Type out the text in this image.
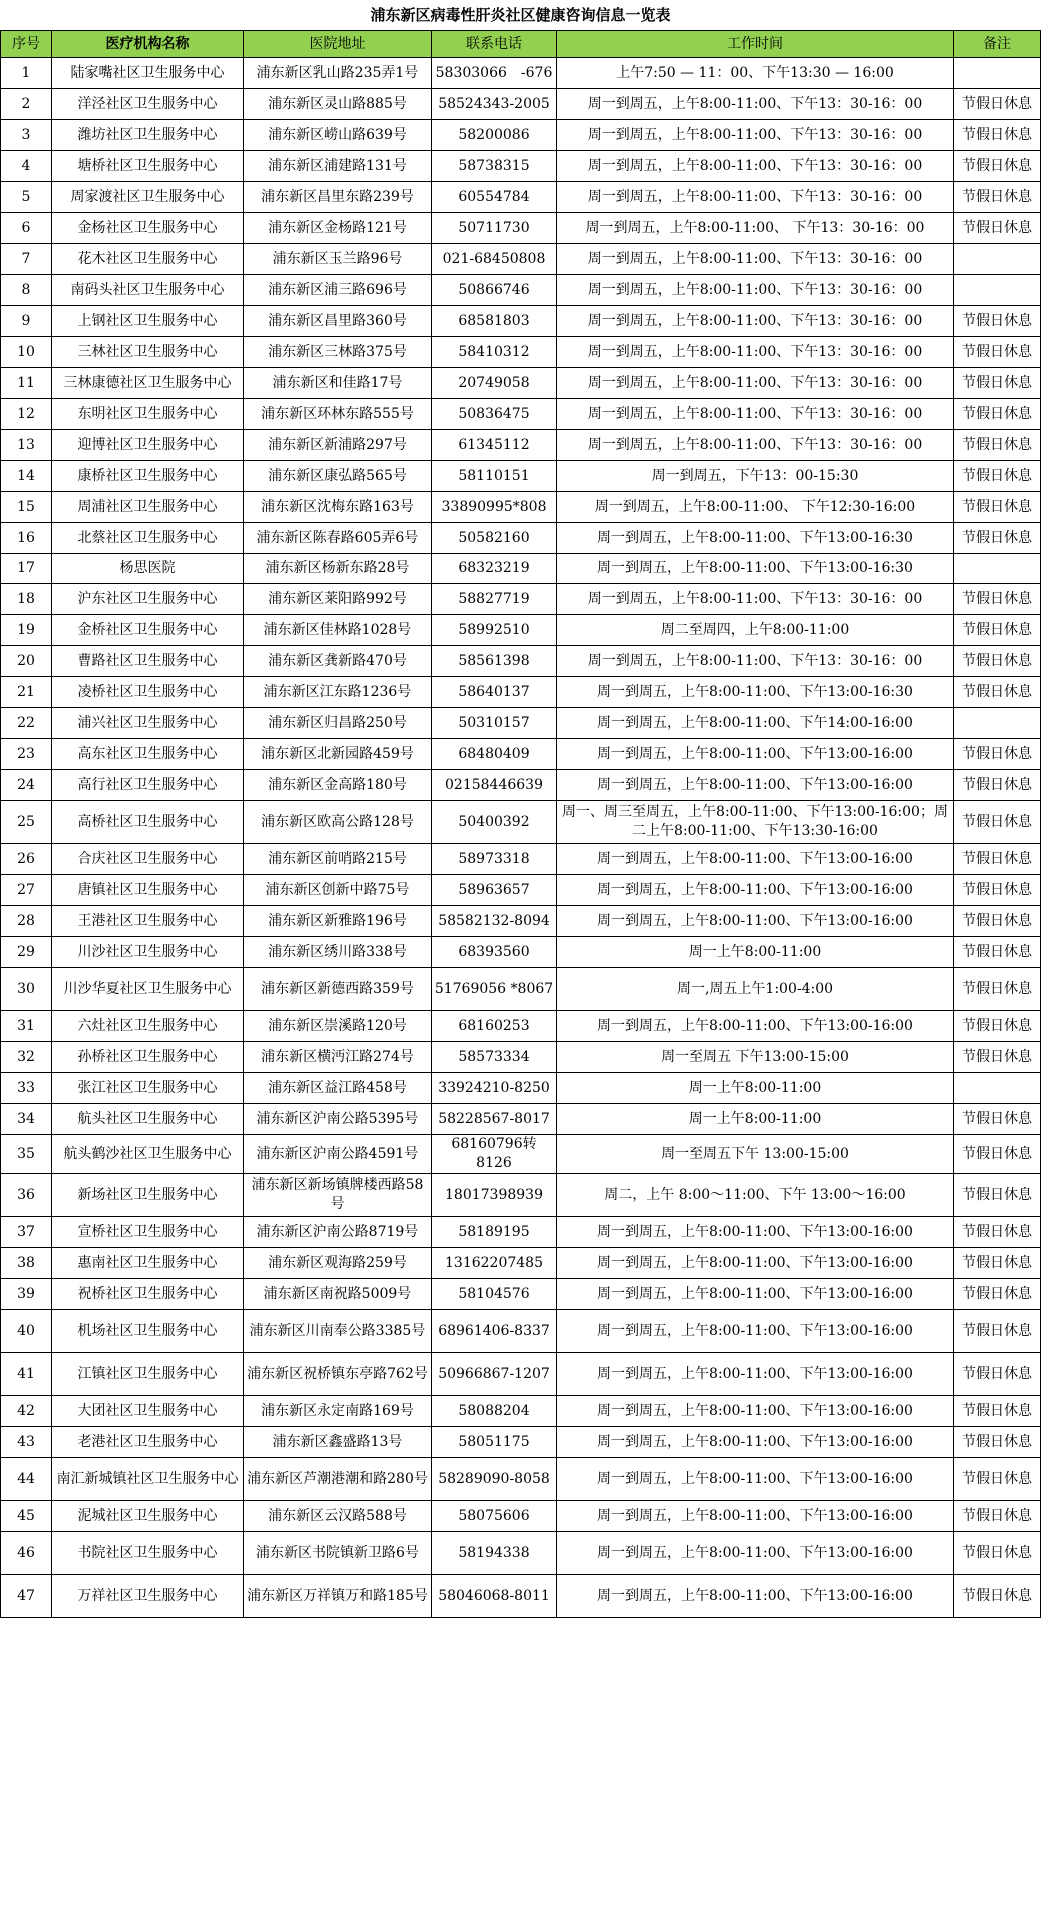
浦东新区病毒性肝炎社区健康咨询信息一览表
序号	医疗机构名称	医院地址	联系电话	工作时间	备注
1	陆家嘴社区卫生服务中心	浦东新区乳山路235弄1号	58303066　-676	上午7:50 — 11：00、下午13:30 — 16:00	
2	洋泾社区卫生服务中心	浦东新区灵山路885号	58524343-2005	周一到周五，上午8:00-11:00、下午13：30-16：00	节假日休息
3	潍坊社区卫生服务中心	浦东新区崂山路639号	58200086	周一到周五，上午8:00-11:00、下午13：30-16：00	节假日休息
4	塘桥社区卫生服务中心	浦东新区浦建路131号	58738315	周一到周五，上午8:00-11:00、下午13：30-16：00	节假日休息
5	周家渡社区卫生服务中心	浦东新区昌里东路239号	60554784	周一到周五，上午8:00-11:00、下午13：30-16：00	节假日休息
6	金杨社区卫生服务中心	浦东新区金杨路121号	50711730	周一到周五，上午8:00-11:00、 下午13：30-16：00	节假日休息
7	花木社区卫生服务中心	浦东新区玉兰路96号	021-68450808	周一到周五，上午8:00-11:00、下午13：30-16：00	
8	南码头社区卫生服务中心	浦东新区浦三路696号	50866746	周一到周五，上午8:00-11:00、下午13：30-16：00	
9	上钢社区卫生服务中心	浦东新区昌里路360号	68581803	周一到周五，上午8:00-11:00、下午13：30-16：00	节假日休息
10	三林社区卫生服务中心	浦东新区三林路375号	58410312	周一到周五，上午8:00-11:00、下午13：30-16：00	节假日休息
11	三林康德社区卫生服务中心	浦东新区和佳路17号	20749058	周一到周五，上午8:00-11:00、下午13：30-16：00	节假日休息
12	东明社区卫生服务中心	浦东新区环林东路555号	50836475	周一到周五，上午8:00-11:00、下午13：30-16：00	节假日休息
13	迎博社区卫生服务中心	浦东新区新浦路297号	61345112	周一到周五，上午8:00-11:00、下午13：30-16：00	节假日休息
14	康桥社区卫生服务中心	浦东新区康弘路565号	58110151	周一到周五，下午13：00-15:30	节假日休息
15	周浦社区卫生服务中心	浦东新区沈梅东路163号	33890995*808	周一到周五，上午8:00-11:00、 下午12:30-16:00	节假日休息
16	北蔡社区卫生服务中心	浦东新区陈春路605弄6号	50582160	周一到周五，上午8:00-11:00、下午13:00-16:30	节假日休息
17	杨思医院	浦东新区杨新东路28号	68323219	周一到周五，上午8:00-11:00、下午13:00-16:30	
18	沪东社区卫生服务中心	浦东新区莱阳路992号	58827719	周一到周五，上午8:00-11:00、下午13：30-16：00	节假日休息
19	金桥社区卫生服务中心	浦东新区佳林路1028号	58992510	周二至周四，上午8:00-11:00	节假日休息
20	曹路社区卫生服务中心	浦东新区龚新路470号	58561398	周一到周五，上午8:00-11:00、下午13：30-16：00	节假日休息
21	凌桥社区卫生服务中心	浦东新区江东路1236号	58640137	周一到周五，上午8:00-11:00、下午13:00-16:30	节假日休息
22	浦兴社区卫生服务中心	浦东新区归昌路250号	50310157	周一到周五，上午8:00-11:00、下午14:00-16:00	
23	高东社区卫生服务中心	浦东新区北新园路459号	68480409	周一到周五，上午8:00-11:00、下午13:00-16:00	节假日休息
24	高行社区卫生服务中心	浦东新区金高路180号	02158446639	周一到周五，上午8:00-11:00、下午13:00-16:00	节假日休息
25	高桥社区卫生服务中心	浦东新区欧高公路128号	50400392	周一、周三至周五，上午8:00-11:00、下午13:00-16:00；周二上午8:00-11:00、下午13:30-16:00	节假日休息
26	合庆社区卫生服务中心	浦东新区前哨路215号	58973318	周一到周五，上午8:00-11:00、下午13:00-16:00	节假日休息
27	唐镇社区卫生服务中心	浦东新区创新中路75号	58963657	周一到周五，上午8:00-11:00、下午13:00-16:00	节假日休息
28	王港社区卫生服务中心	浦东新区新雅路196号	58582132-8094	周一到周五，上午8:00-11:00、下午13:00-16:00	节假日休息
29	川沙社区卫生服务中心	浦东新区绣川路338号	68393560	周一上午8:00-11:00	节假日休息
30	川沙华夏社区卫生服务中心	浦东新区新德西路359号	51769056 *8067	周一,周五上午1:00-4:00	节假日休息
31	六灶社区卫生服务中心	浦东新区崇溪路120号	68160253	周一到周五，上午8:00-11:00、下午13:00-16:00	节假日休息
32	孙桥社区卫生服务中心	浦东新区横沔江路274号	58573334	周一至周五 下午13:00-15:00	节假日休息
33	张江社区卫生服务中心	浦东新区益江路458号	33924210-8250	周一上午8:00-11:00	
34	航头社区卫生服务中心	浦东新区沪南公路5395号	58228567-8017	周一上午8:00-11:00	节假日休息
35	航头鹤沙社区卫生服务中心	浦东新区沪南公路4591号	68160796转8126	周一至周五下午 13:00-15:00	节假日休息
36	新场社区卫生服务中心	浦东新区新场镇牌楼西路58号	18017398939	周二，上午 8:00～11:00、下午 13:00～16:00	节假日休息
37	宣桥社区卫生服务中心	浦东新区沪南公路8719号	58189195	周一到周五，上午8:00-11:00、下午13:00-16:00	节假日休息
38	惠南社区卫生服务中心	浦东新区观海路259号	13162207485	周一到周五，上午8:00-11:00、下午13:00-16:00	节假日休息
39	祝桥社区卫生服务中心	浦东新区南祝路5009号	58104576	周一到周五，上午8:00-11:00、下午13:00-16:00	节假日休息
40	机场社区卫生服务中心	浦东新区川南奉公路3385号	68961406-8337	周一到周五，上午8:00-11:00、下午13:00-16:00	节假日休息
41	江镇社区卫生服务中心	浦东新区祝桥镇东亭路762号	50966867-1207	周一到周五，上午8:00-11:00、下午13:00-16:00	节假日休息
42	大团社区卫生服务中心	浦东新区永定南路169号	58088204	周一到周五，上午8:00-11:00、下午13:00-16:00	节假日休息
43	老港社区卫生服务中心	浦东新区鑫盛路13号	58051175	周一到周五，上午8:00-11:00、下午13:00-16:00	节假日休息
44	南汇新城镇社区卫生服务中心	浦东新区芦潮港潮和路280号	58289090-8058	周一到周五，上午8:00-11:00、下午13:00-16:00	节假日休息
45	泥城社区卫生服务中心	浦东新区云汉路588号	58075606	周一到周五，上午8:00-11:00、下午13:00-16:00	节假日休息
46	书院社区卫生服务中心	浦东新区书院镇新卫路6号	58194338	周一到周五，上午8:00-11:00、下午13:00-16:00	节假日休息
47	万祥社区卫生服务中心	浦东新区万祥镇万和路185号	58046068-8011	周一到周五，上午8:00-11:00、下午13:00-16:00	节假日休息
